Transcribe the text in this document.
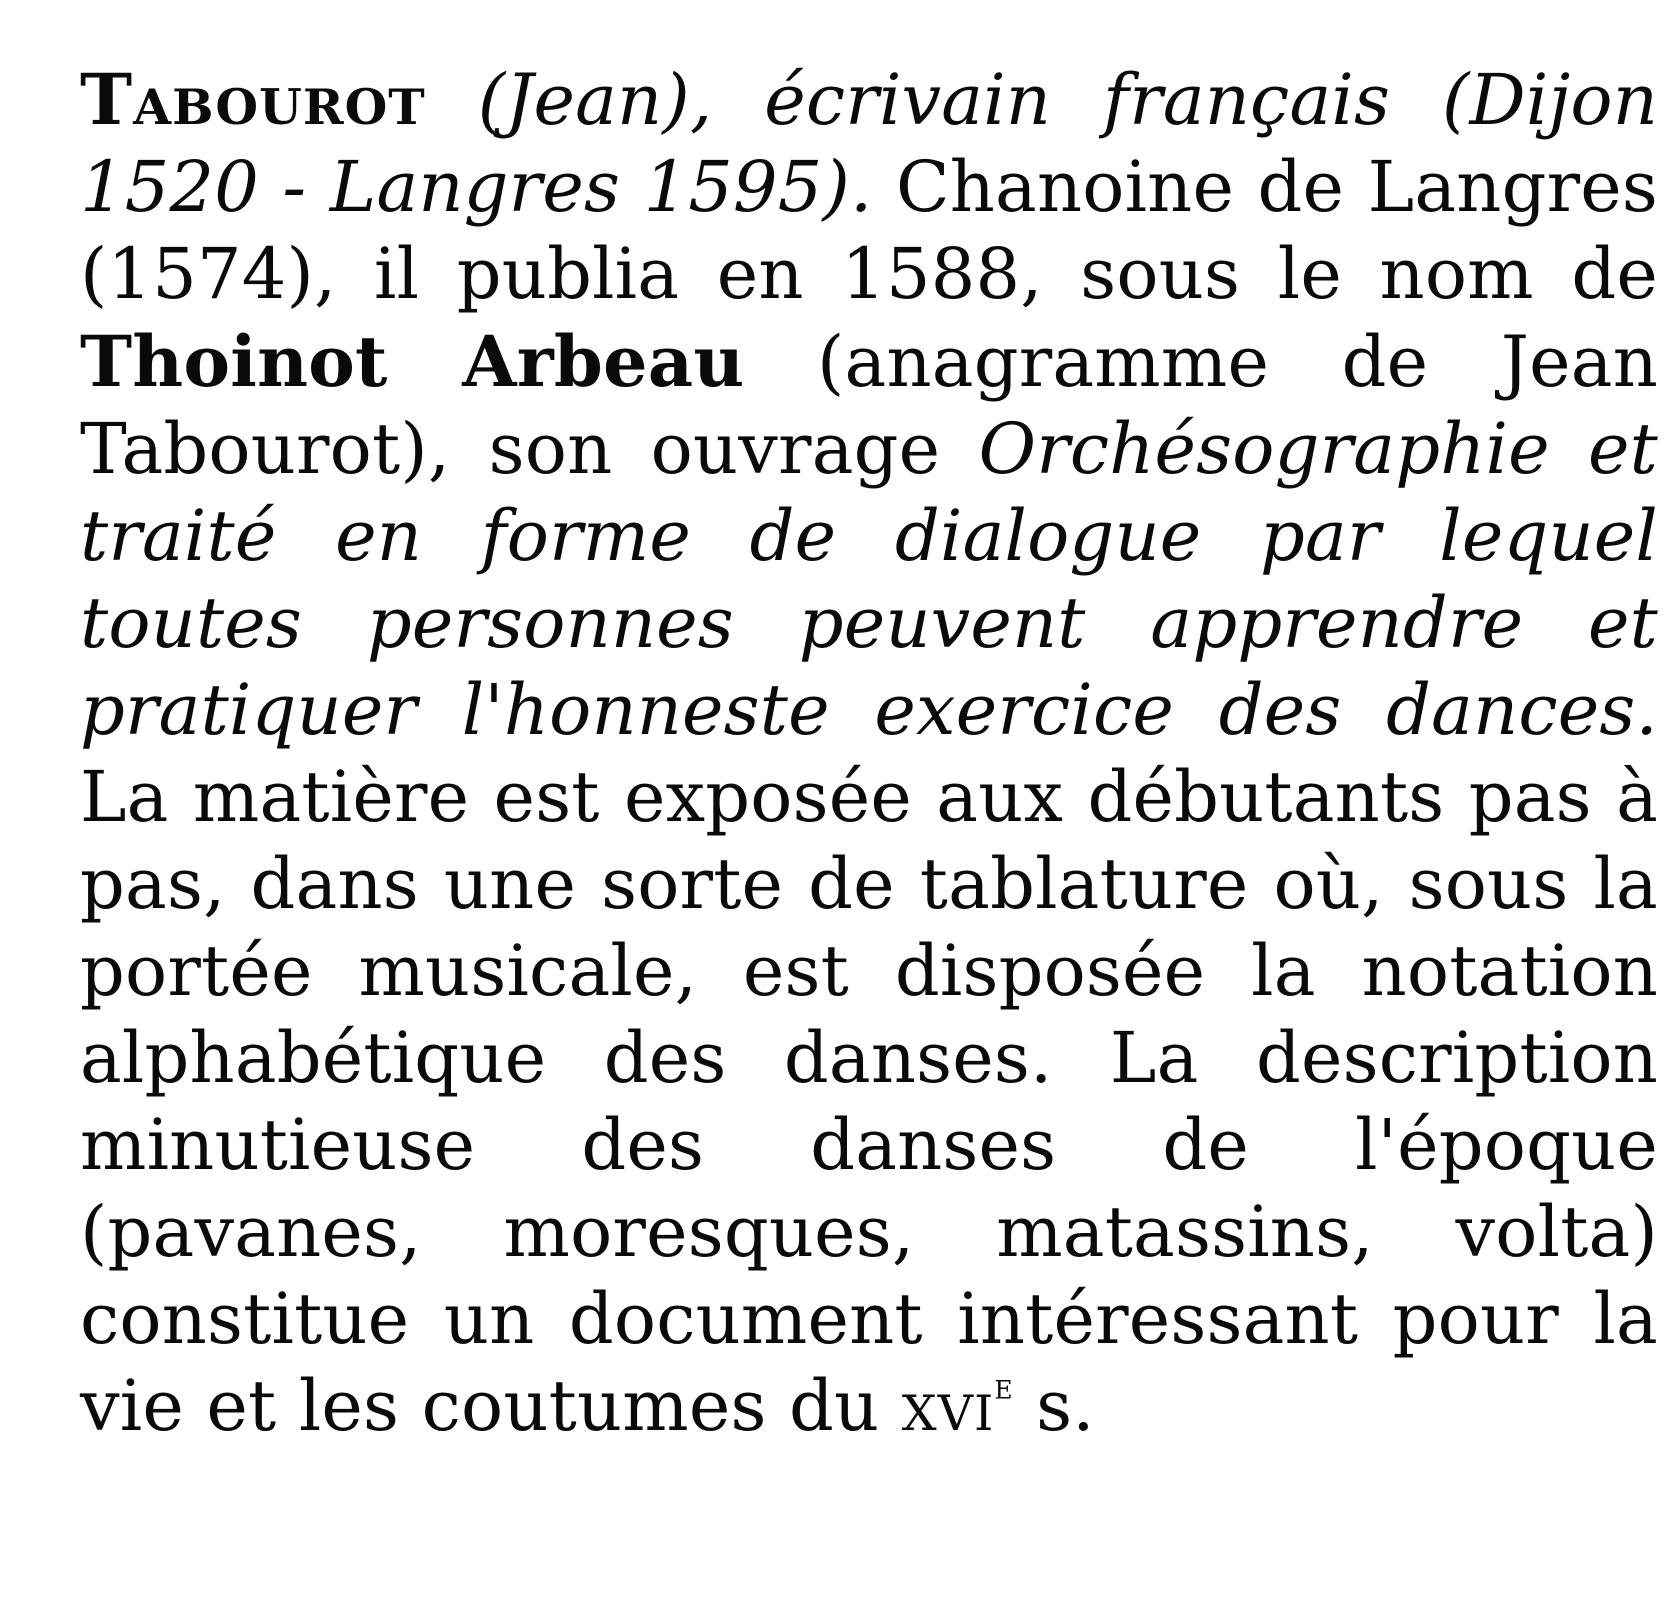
Tabourot (Jean), écrivain français (Dijon 1520 - Langres 1595). Chanoine de Langres (1574), il publia en 1588, sous le nom de Thoinot Arbeau (anagramme de Jean Tabourot), son ouvrage Orchésographie et traité en forme de dialogue par lequel toutes personnes peuvent apprendre et pratiquer l'honneste exercice des dances. La matière est exposée aux débutants pas à pas, dans une sorte de tablature où, sous la portée musicale, est disposée la notation alphabétique des danses. La description minutieuse des danses de l'époque (pavanes, moresques, matassins, volta) constitue un document intéressant pour la vie et les coutumes du xvi$^e$ s.
